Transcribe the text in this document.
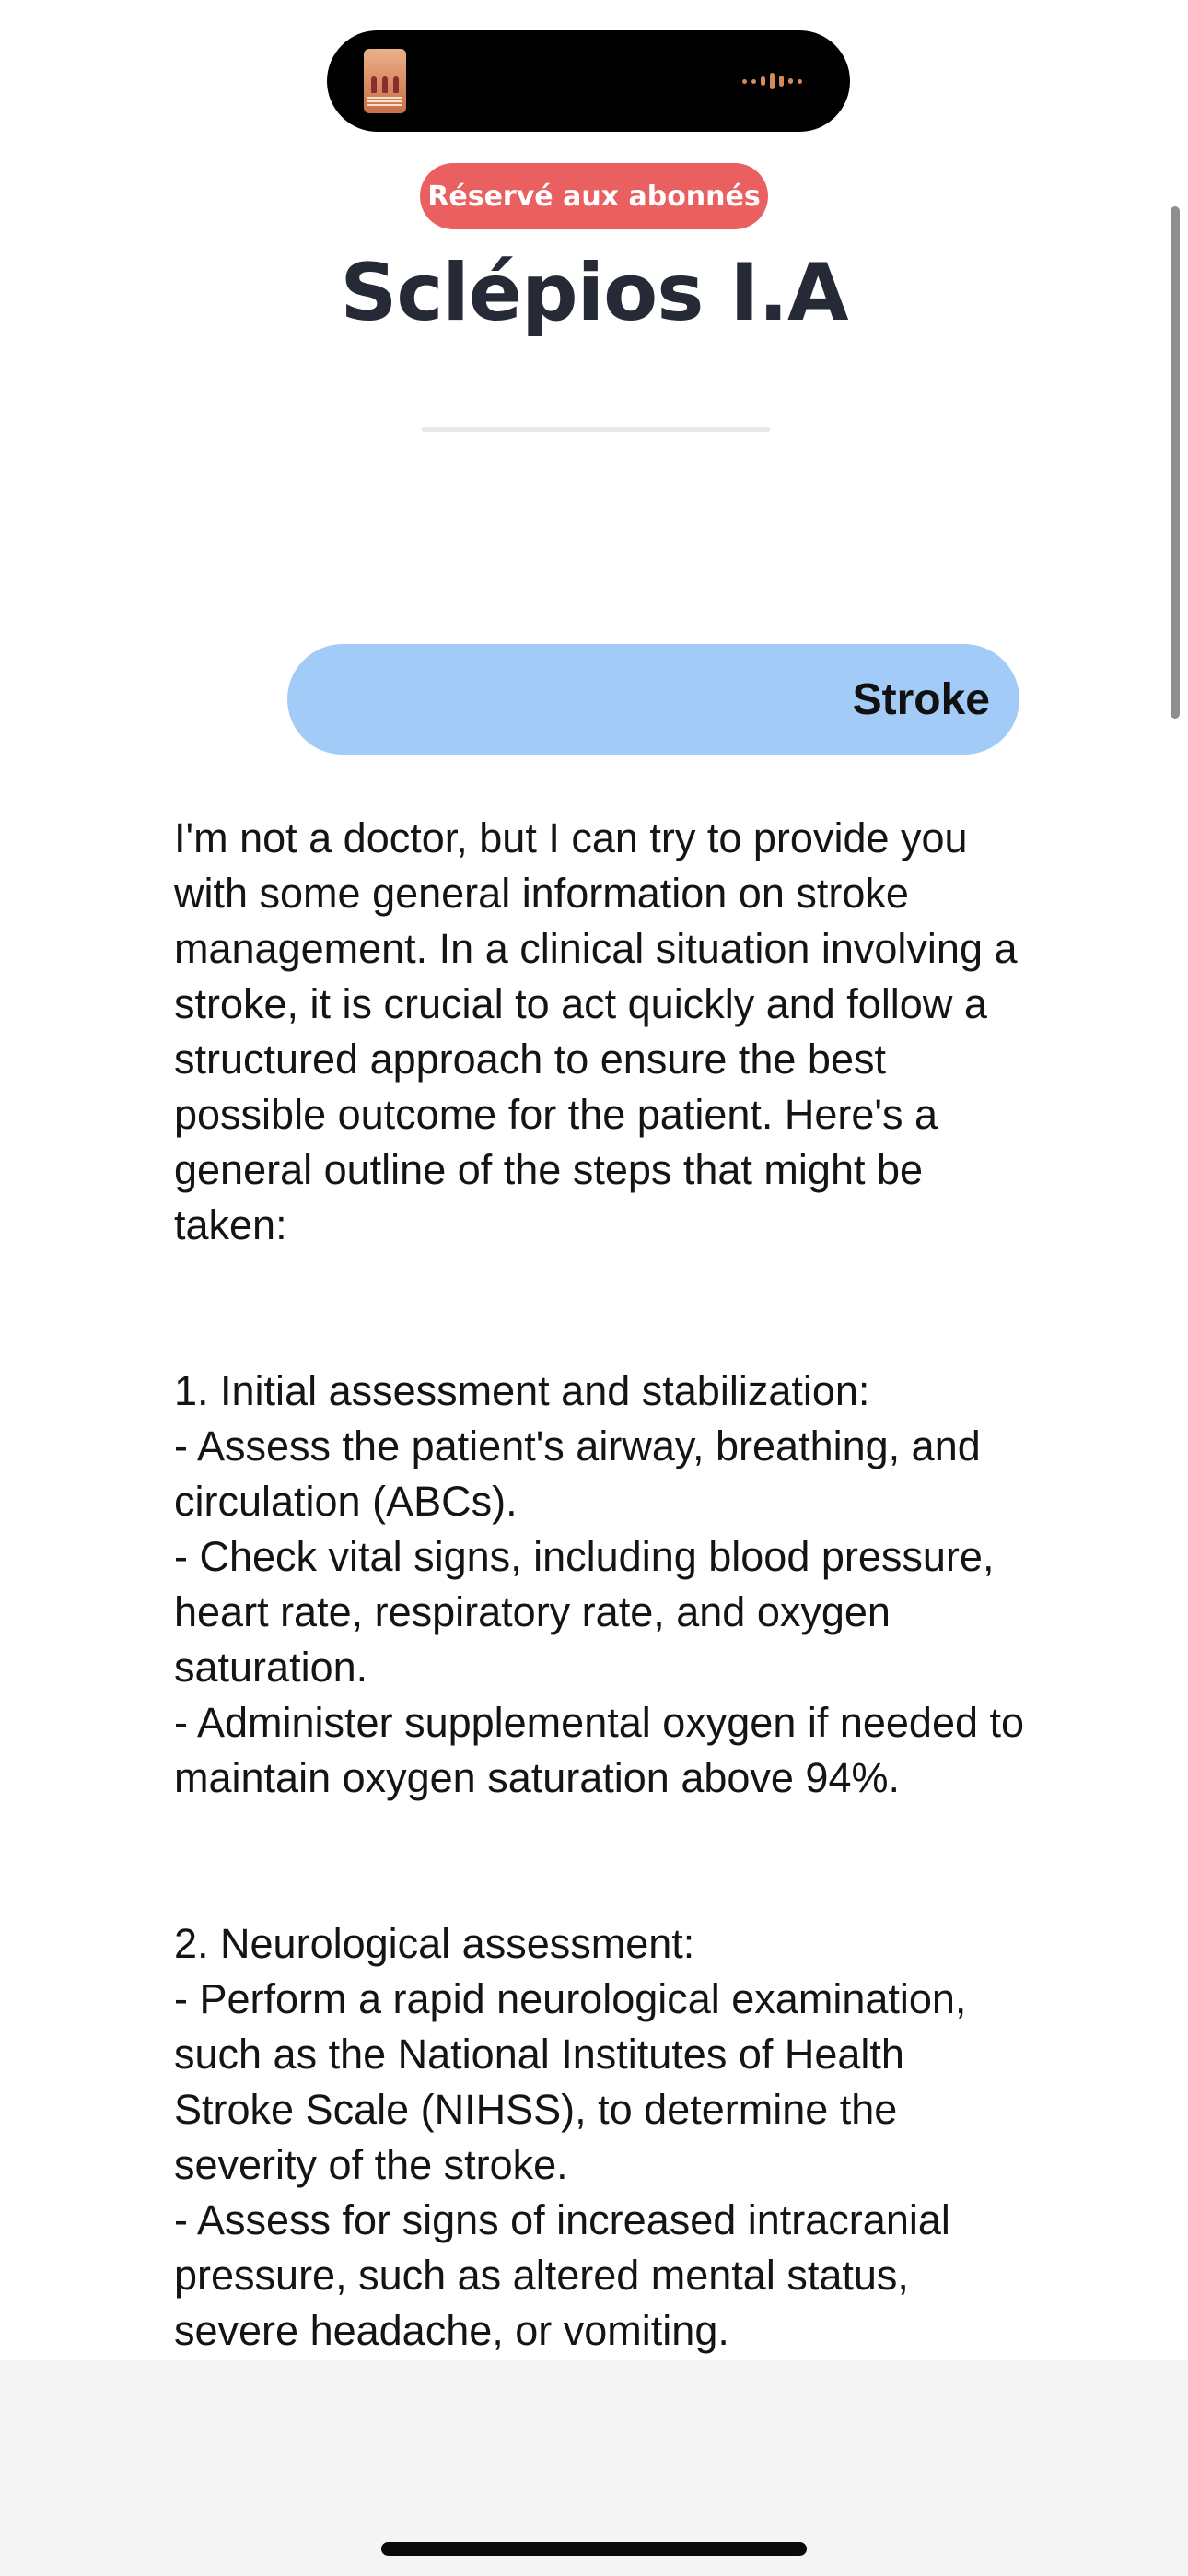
Réservé aux abonnés
Sclépios I.A
Stroke

I'm not a doctor, but I can try to provide you with some general information on stroke management. In a clinical situation involving a stroke, it is crucial to act quickly and follow a structured approach to ensure the best possible outcome for the patient. Here's a general outline of the steps that might be taken:

1. Initial assessment and stabilization:
- Assess the patient's airway, breathing, and circulation (ABCs).
- Check vital signs, including blood pressure, heart rate, respiratory rate, and oxygen saturation.
- Administer supplemental oxygen if needed to maintain oxygen saturation above 94%.

2. Neurological assessment:
- Perform a rapid neurological examination, such as the National Institutes of Health Stroke Scale (NIHSS), to determine the severity of the stroke.
- Assess for signs of increased intracranial pressure, such as altered mental status, severe headache, or vomiting.
